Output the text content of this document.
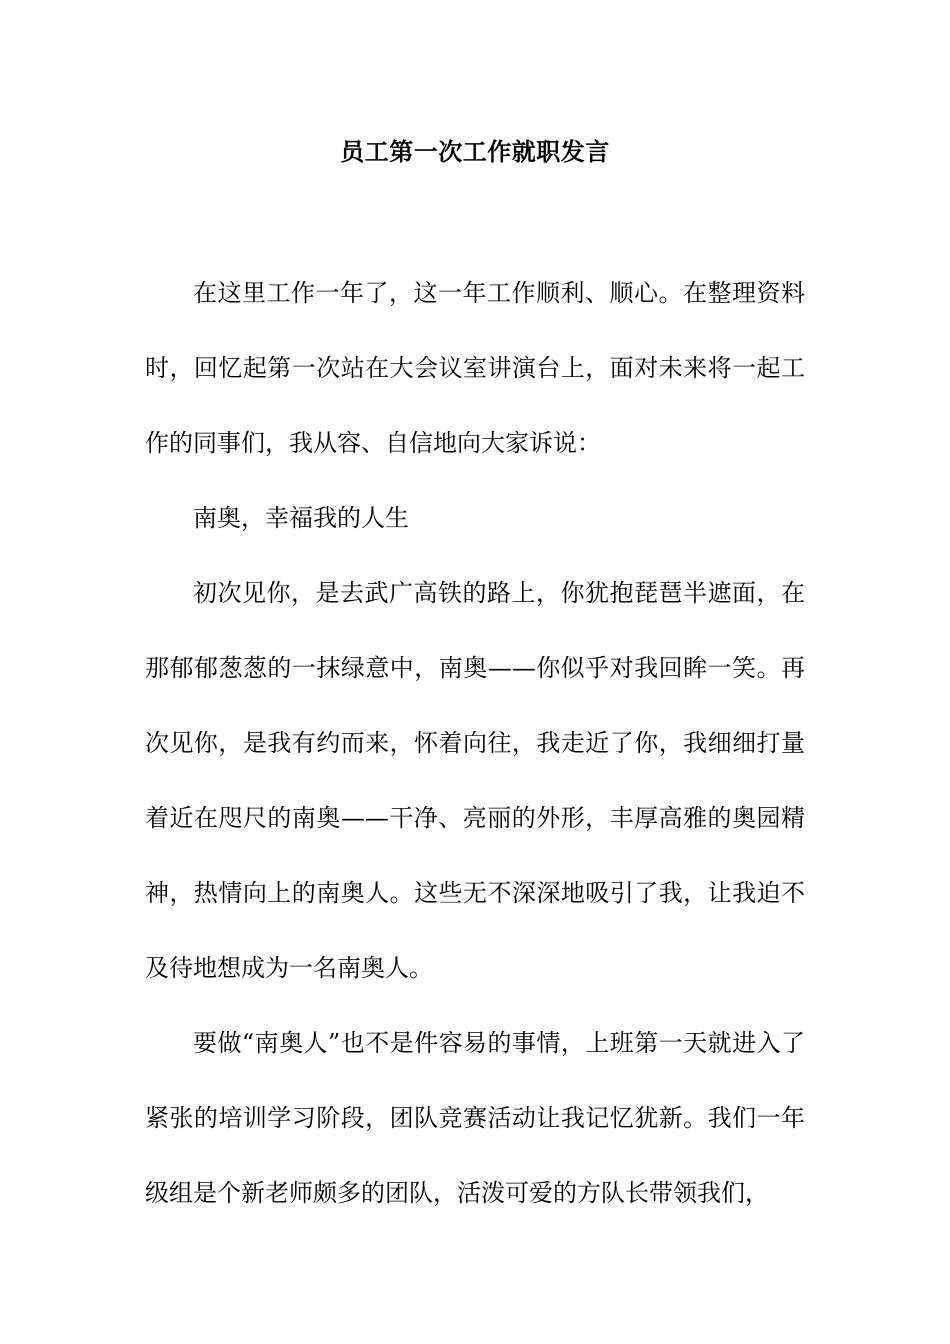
员工第一次工作就职发言

在这里工作一年了，这一年工作顺利、顺心。在整理资料时，回忆起第一次站在大会议室讲演台上，面对未来将一起工作的同事们，我从容、自信地向大家诉说：

南奥，幸福我的人生

初次见你，是去武广高铁的路上，你犹抱琵琶半遮面，在那郁郁葱葱的一抹绿意中，南奥——你似乎对我回眸一笑。再次见你，是我有约而来，怀着向往，我走近了你，我细细打量着近在咫尺的南奥——干净、亮丽的外形，丰厚高雅的奥园精神，热情向上的南奥人。这些无不深深地吸引了我，让我迫不及待地想成为一名南奥人。

要做“南奥人”也不是件容易的事情，上班第一天就进入了紧张的培训学习阶段，团队竞赛活动让我记忆犹新。我们一年级组是个新老师颇多的团队，活泼可爱的方队长带领我们，
